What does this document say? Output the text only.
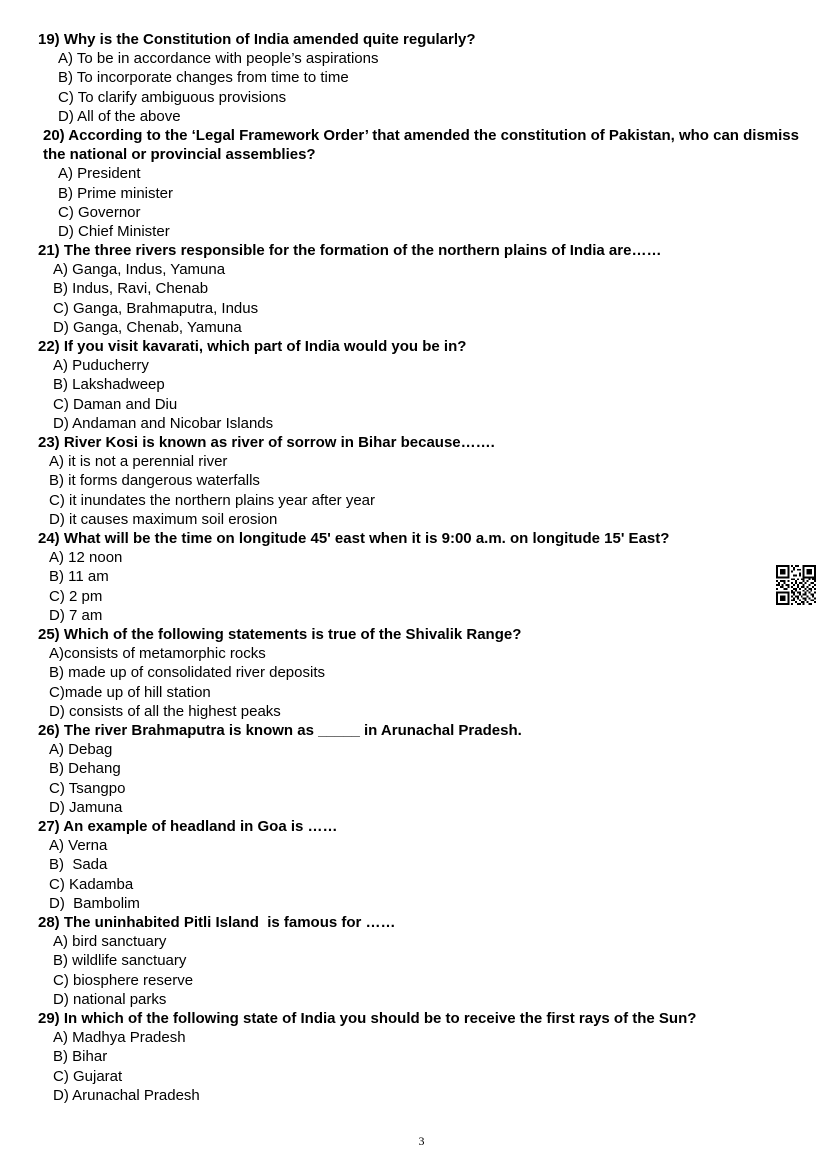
19) Why is the Constitution of India amended quite regularly?

A) To be in accordance with people’s aspirations

B) To incorporate changes from time to time

C) To clarify ambiguous provisions

D) All of the above

20) According to the ‘Legal Framework Order’ that amended the constitution of Pakistan, who can dismiss the national or provincial assemblies?

A) President

B) Prime minister

C) Governor

D) Chief Minister

21) The three rivers responsible for the formation of the northern plains of India are……

A) Ganga, Indus, Yamuna

B) Indus, Ravi, Chenab

C) Ganga, Brahmaputra, Indus

D) Ganga, Chenab, Yamuna

22) If you visit kavarati, which part of India would you be in?

A) Puducherry

B) Lakshadweep

C) Daman and Diu

D) Andaman and Nicobar Islands

23) River Kosi is known as river of sorrow in Bihar because…….

A) it is not a perennial river

B) it forms dangerous waterfalls

C) it inundates the northern plains year after year

D) it causes maximum soil erosion

24) What will be the time on longitude 45' east when it is 9:00 a.m. on longitude 15' East?

A) 12 noon

B) 11 am

C) 2 pm

D) 7 am

25) Which of the following statements is true of the Shivalik Range?

A)consists of metamorphic rocks

B) made up of consolidated river deposits

C)made up of hill station

D) consists of all the highest peaks

26) The river Brahmaputra is known as _____ in Arunachal Pradesh.

A) Debag

B) Dehang

C) Tsangpo

D) Jamuna

27) An example of headland in Goa is ……

A) Verna

B)  Sada

C) Kadamba

D)  Bambolim

28) The uninhabited Pitli Island  is famous for ……

A) bird sanctuary

B) wildlife sanctuary

C) biosphere reserve

D) national parks

29) In which of the following state of India you should be to receive the first rays of the Sun?

A) Madhya Pradesh

B) Bihar

C) Gujarat

D) Arunachal Pradesh

3
